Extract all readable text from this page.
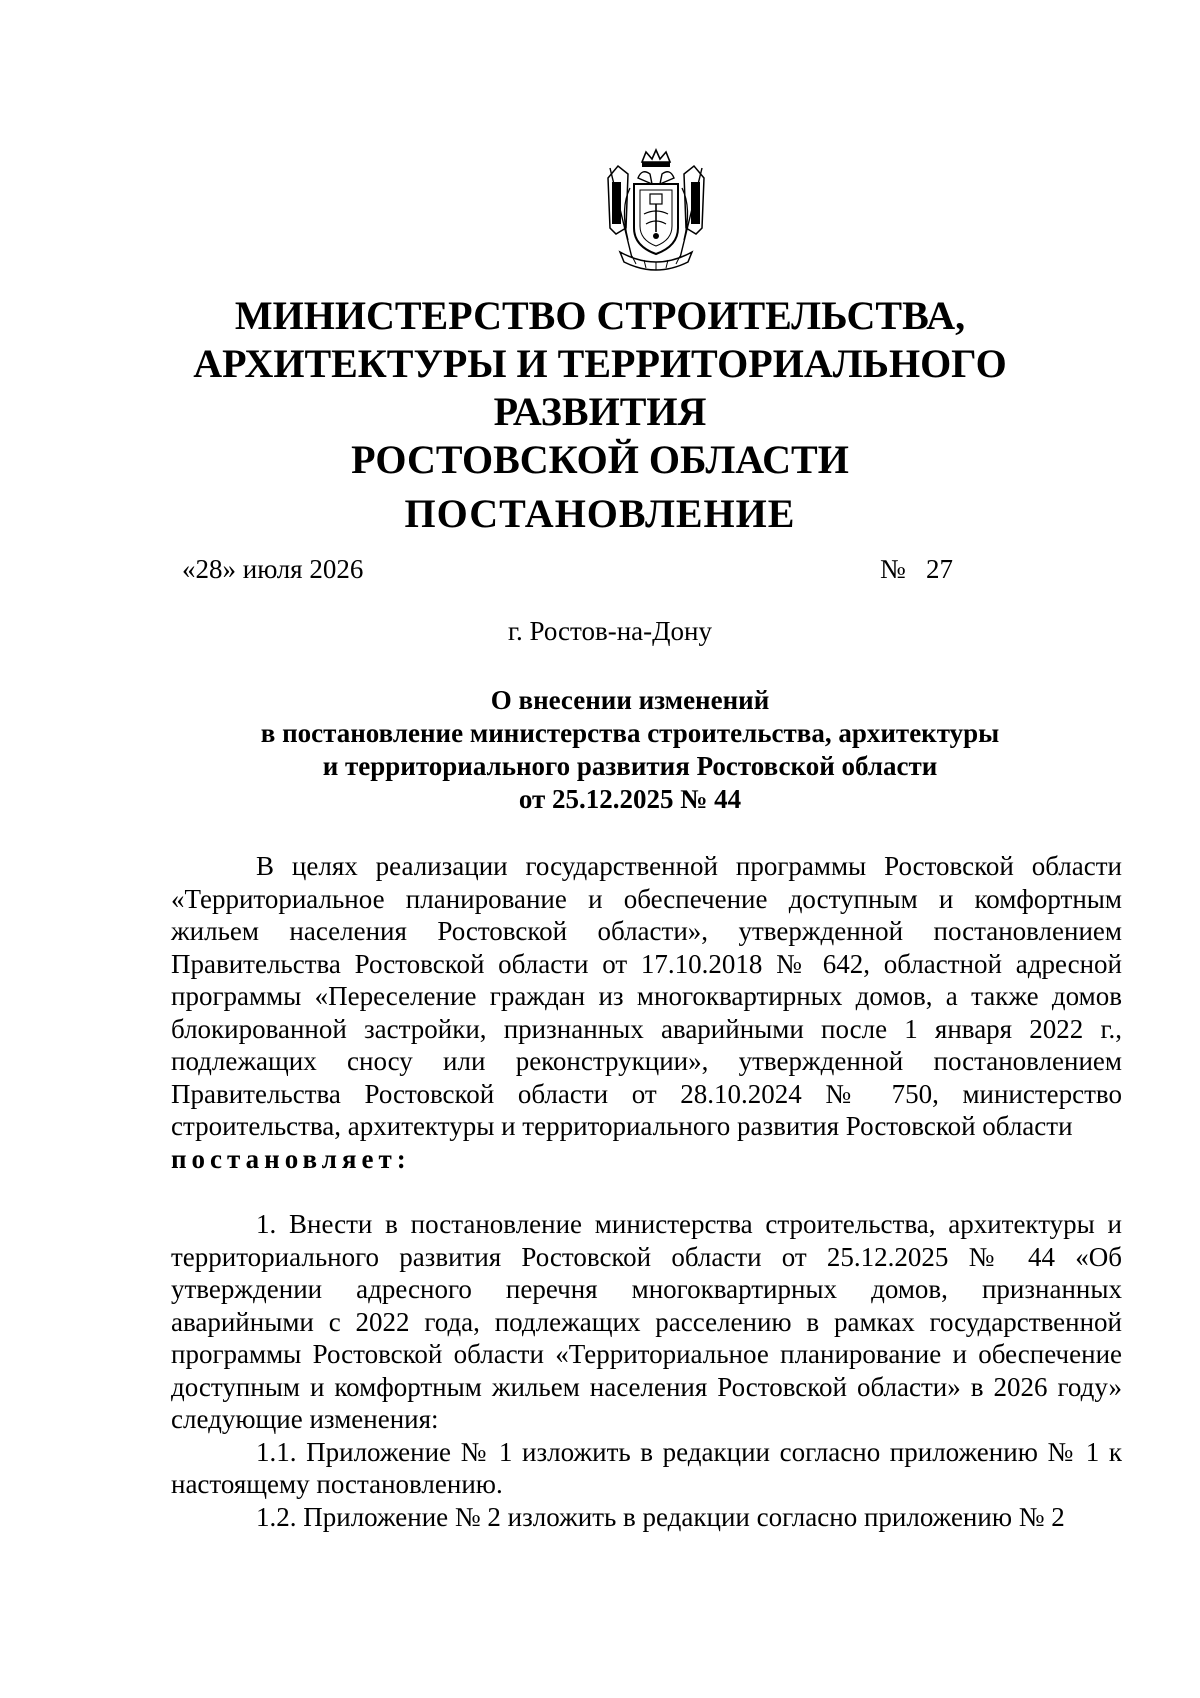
МИНИСТЕРСТВО СТРОИТЕЛЬСТВА,
АРХИТЕКТУРЫ И ТЕРРИТОРИАЛЬНОГО РАЗВИТИЯ
РОСТОВСКОЙ ОБЛАСТИ
ПОСТАНОВЛЕНИЕ
«28» июля 2026	№   27
г. Ростов-на-Дону
О внесении изменений
в постановление министерства строительства, архитектуры
и территориального развития Ростовской области
от 25.12.2025 № 44

В целях реализации государственной программы Ростовской области «Территориальное планирование и обеспечение доступным и комфортным жильем населения Ростовской области», утвержденной постановлением Правительства Ростовской области от 17.10.2018 № 642, областной адресной программы «Переселение граждан из многоквартирных домов, а также домов блокированной застройки, признанных аварийными после 1 января 2022 г., подлежащих сносу или реконструкции», утвержденной постановлением Правительства Ростовской области от 28.10.2024 № 750, министерство строительства, архитектуры и территориального развития Ростовской области

постановляет:

1. Внести в постановление министерства строительства, архитектуры и территориального развития Ростовской области от 25.12.2025 № 44 «Об утверждении адресного перечня многоквартирных домов, признанных аварийными с 2022 года, подлежащих расселению в рамках государственной программы Ростовской области «Территориальное планирование и обеспечение доступным и комфортным жильем населения Ростовской области» в 2026 году» следующие изменения:

1.1. Приложение № 1 изложить в редакции согласно приложению № 1 к настоящему постановлению.

1.2. Приложение № 2 изложить в редакции согласно приложению № 2
